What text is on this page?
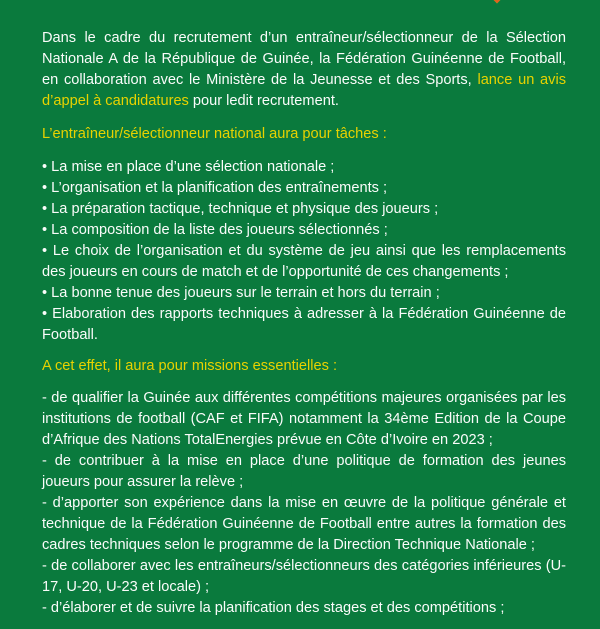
Dans le cadre du recrutement d’un entraîneur/sélectionneur de la Sélection Nationale A de la République de Guinée, la Fédération Guinéenne de Football, en collaboration avec le Ministère de la Jeunesse et des Sports, lance un avis d’appel à candidatures pour ledit recrutement.

L’entraîneur/sélectionneur national aura pour tâches :

• La mise en place d’une sélection nationale ;

• L’organisation et la planification des entraînements ;

• La préparation tactique, technique et physique des joueurs ;

• La composition de la liste des joueurs sélectionnés ;

• Le choix de l’organisation et du système de jeu ainsi que les remplacements des joueurs en cours de match et de l’opportunité de ces changements ;

• La bonne tenue des joueurs sur le terrain et hors du terrain ;

• Elaboration des rapports techniques à adresser à la Fédération Guinéenne de Football.

A cet effet, il aura pour missions essentielles :

- de qualifier la Guinée aux différentes compétitions majeures organisées par les institutions de football (CAF et FIFA) notamment la 34ème Edition de la Coupe d’Afrique des Nations TotalEnergies prévue en Côte d’Ivoire en 2023 ;

- de contribuer à la mise en place d’une politique de formation des jeunes joueurs pour assurer la relève ;

- d’apporter son expérience dans la mise en œuvre de la politique générale et technique de la Fédération Guinéenne de Football entre autres la formation des cadres techniques selon le programme de la Direction Technique Nationale ;

- de collaborer avec les entraîneurs/sélectionneurs des catégories inférieures (U-17, U-20, U-23 et locale) ;

- d’élaborer et de suivre la planification des stages et des compétitions ;
